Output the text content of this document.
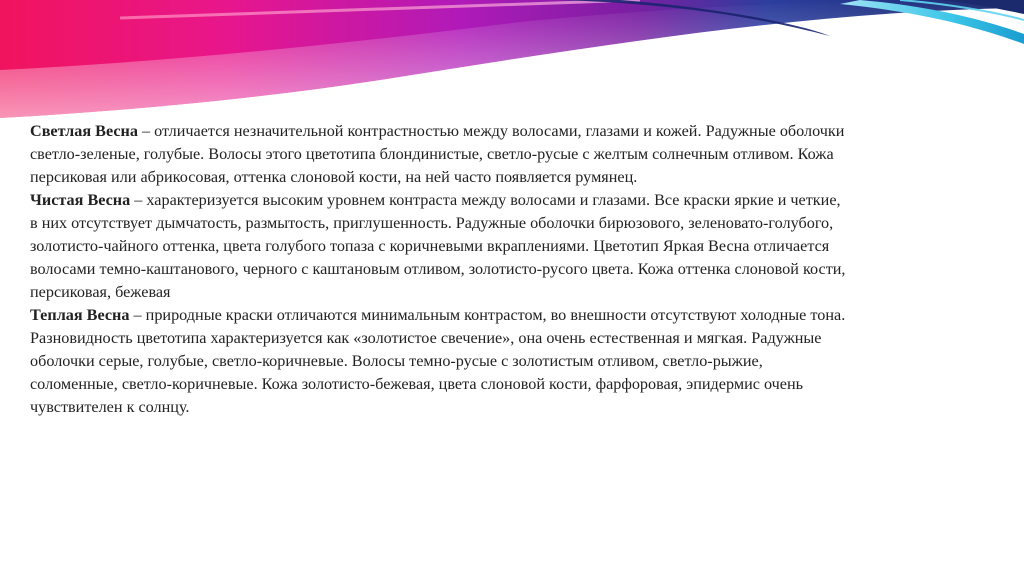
Светлая Весна – отличается незначительной контрастностью между волосами, глазами и кожей. Радужные оболочки светло-зеленые, голубые. Волосы этого цветотипа блондинистые, светло-русые с желтым солнечным отливом. Кожа персиковая или абрикосовая, оттенка слоновой кости, на ней часто появляется румянец.

Чистая Весна – характеризуется высоким уровнем контраста между волосами и глазами. Все краски яркие и четкие, в них отсутствует дымчатость, размытость, приглушенность. Радужные оболочки бирюзового, зеленовато-голубого, золотисто-чайного оттенка, цвета голубого топаза с коричневыми вкраплениями. Цветотип Яркая Весна отличается волосами темно-каштанового, черного с каштановым отливом, золотисто-русого цвета. Кожа оттенка слоновой кости, персиковая, бежевая

Теплая Весна – природные краски отличаются минимальным контрастом, во внешности отсутствуют холодные тона. Разновидность цветотипа характеризуется как «золотистое свечение», она очень естественная и мягкая. Радужные оболочки серые, голубые, светло-коричневые. Волосы темно-русые с золотистым отливом, светло-рыжие, соломенные, светло-коричневые. Кожа золотисто-бежевая, цвета слоновой кости, фарфоровая, эпидермис очень чувствителен к солнцу.
